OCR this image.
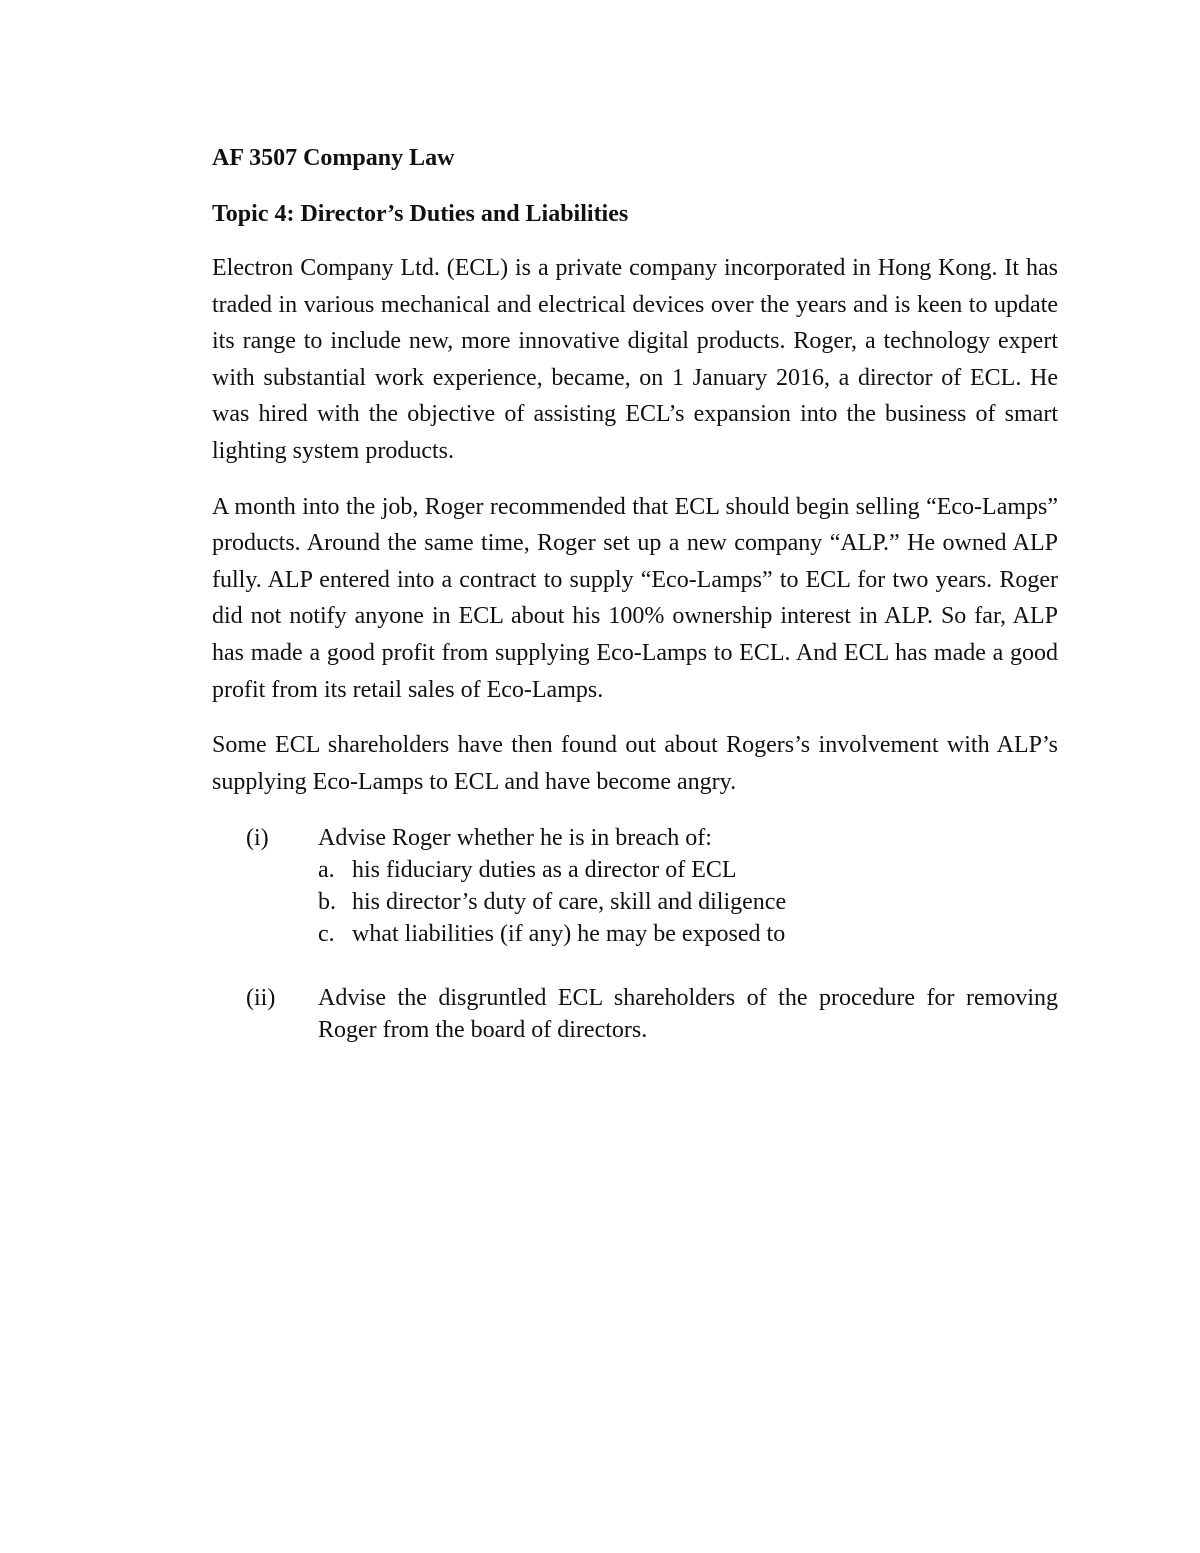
AF 3507 Company Law
Topic 4: Director’s Duties and Liabilities

Electron Company Ltd. (ECL) is a private company incorporated in Hong Kong. It has traded in various mechanical and electrical devices over the years and is keen to update its range to include new, more innovative digital products. Roger, a technology expert with substantial work experience, became, on 1 January 2016, a director of ECL. He was hired with the objective of assisting ECL’s expansion into the business of smart lighting system products.

A month into the job, Roger recommended that ECL should begin selling “Eco-Lamps” products. Around the same time, Roger set up a new company “ALP.” He owned ALP fully. ALP entered into a contract to supply “Eco-Lamps” to ECL for two years. Roger did not notify anyone in ECL about his 100% ownership interest in ALP. So far, ALP has made a good profit from supplying Eco-Lamps to ECL. And ECL has made a good profit from its retail sales of Eco-Lamps.

Some ECL shareholders have then found out about Rogers’s involvement with ALP’s supplying Eco-Lamps to ECL and have become angry.

(i) Advise Roger whether he is in breach of:
a. his fiduciary duties as a director of ECL
b. his director’s duty of care, skill and diligence
c. what liabilities (if any) he may be exposed to
(ii) Advise the disgruntled ECL shareholders of the procedure for removing Roger from the board of directors.
